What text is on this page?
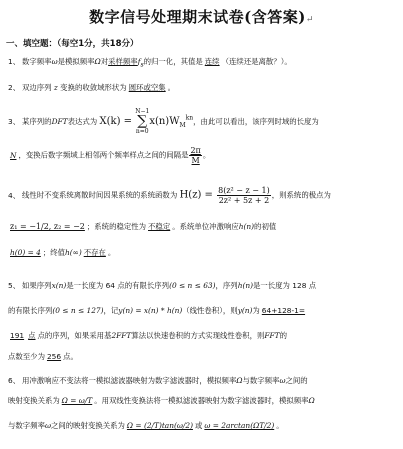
数字信号处理期末试卷(含答案)↵
一、填空题：（每空1分，共18分）
1、 数字频率ω是模拟频率Ω对采样频率$f_s$的归一化，其值是 连续 （连续还是离散？）。
2、 双边序列 z 变换的收敛域形状为 圆环或空集 。
3、 某序列的DFT表达式为 X(k) = N−1
∑
$n=0x(n)W_M^{kn}$，由此可以看出，该序列时域的长度为
N ，变换后数字频域上相邻两个频率样点之间的间隔是 $\frac{2\pi}{M}$ 。
4、 线性时不变系统离散时间因果系统的系统函数为 $H(z) = \frac{\text{8(z² − z − 1)}}{\text{2z² + 5z + 2}}$ ，则系统的极点为
z₁ = −1/2, z₂ = −2 ；系统的稳定性为 不稳定 。系统单位冲激响应h(n)的初值
h(0) = 4 ；终值h(∞) 不存在 。
5、 如果序列x(n)是一长度为 64 点的有限长序列(0 ≤ n ≤ 63)，序列h(n)是一长度为 128 点
的有限长序列(0 ≤ n ≤ 127)，记y(n) = x(n) * h(n)（线性卷积），则y(n)为 64+128-1=
191 点 点的序列，如果采用基2FFT算法以快速卷积的方式实现线性卷积，则FFT的
点数至少为 256 点。
6、 用冲激响应不变法将一模拟滤波器映射为数字滤波器时，模拟频率Ω与数字频率ω之间的
映射变换关系为 Ω = ω/T 。用双线性变换法将一模拟滤波器映射为数字滤波器时，模拟频率Ω
与数字频率ω之间的映射变换关系为 Ω = (2/T)tan(ω/2) 或 ω = 2arctan(ΩT/2) 。
